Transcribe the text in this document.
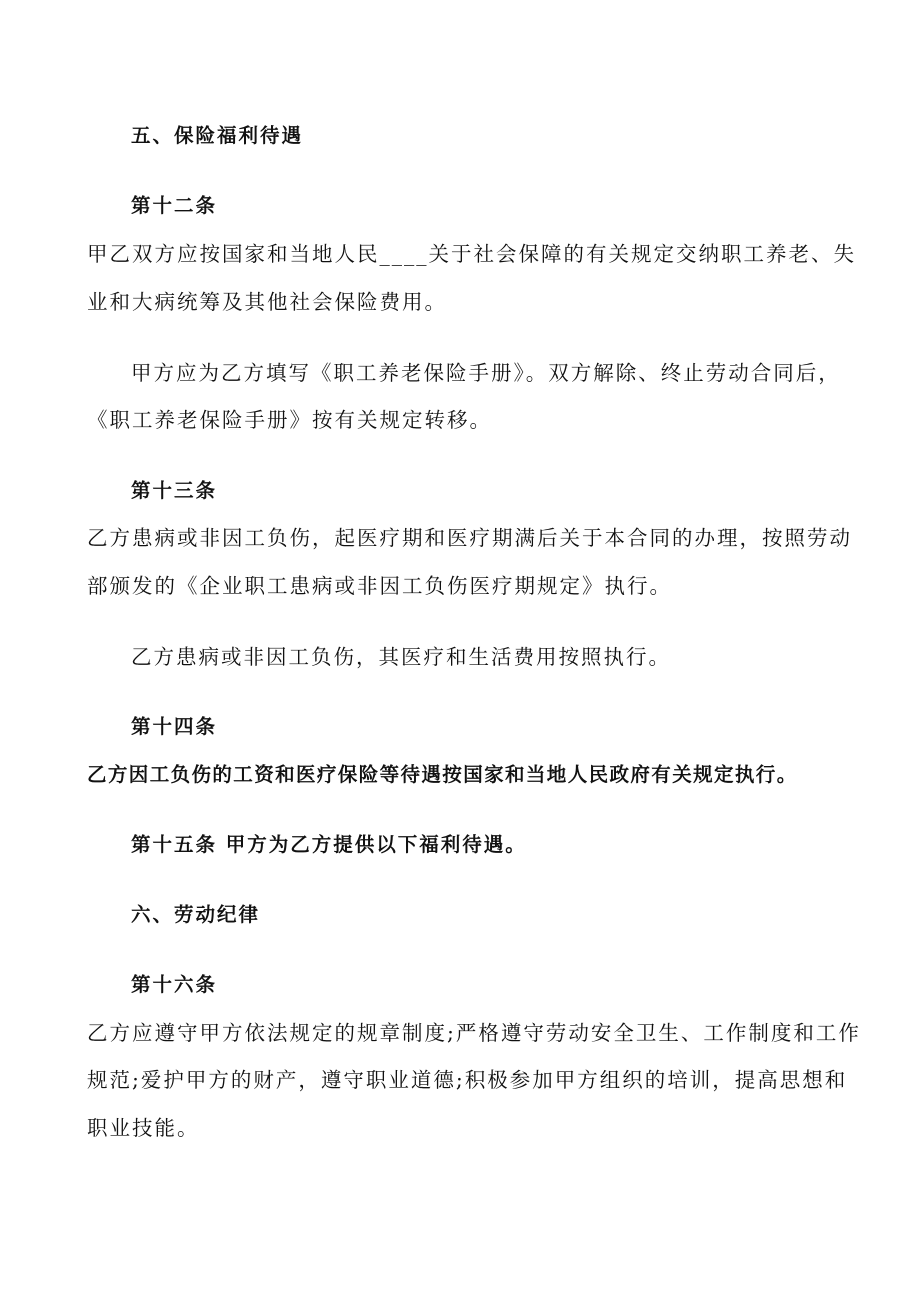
五、保险福利待遇
第十二条
甲乙双方应按国家和当地人民____关于社会保障的有关规定交纳职工养老、失
业和大病统筹及其他社会保险费用。
甲方应为乙方填写《职工养老保险手册》。双方解除、终止劳动合同后，
《职工养老保险手册》按有关规定转移。
第十三条
乙方患病或非因工负伤，起医疗期和医疗期满后关于本合同的办理，按照劳动
部颁发的《企业职工患病或非因工负伤医疗期规定》执行。
乙方患病或非因工负伤，其医疗和生活费用按照执行。
第十四条
乙方因工负伤的工资和医疗保险等待遇按国家和当地人民政府有关规定执行。
第十五条 甲方为乙方提供以下福利待遇。
六、劳动纪律
第十六条
乙方应遵守甲方依法规定的规章制度;严格遵守劳动安全卫生、工作制度和工作
规范;爱护甲方的财产，遵守职业道德;积极参加甲方组织的培训，提高思想和
职业技能。
